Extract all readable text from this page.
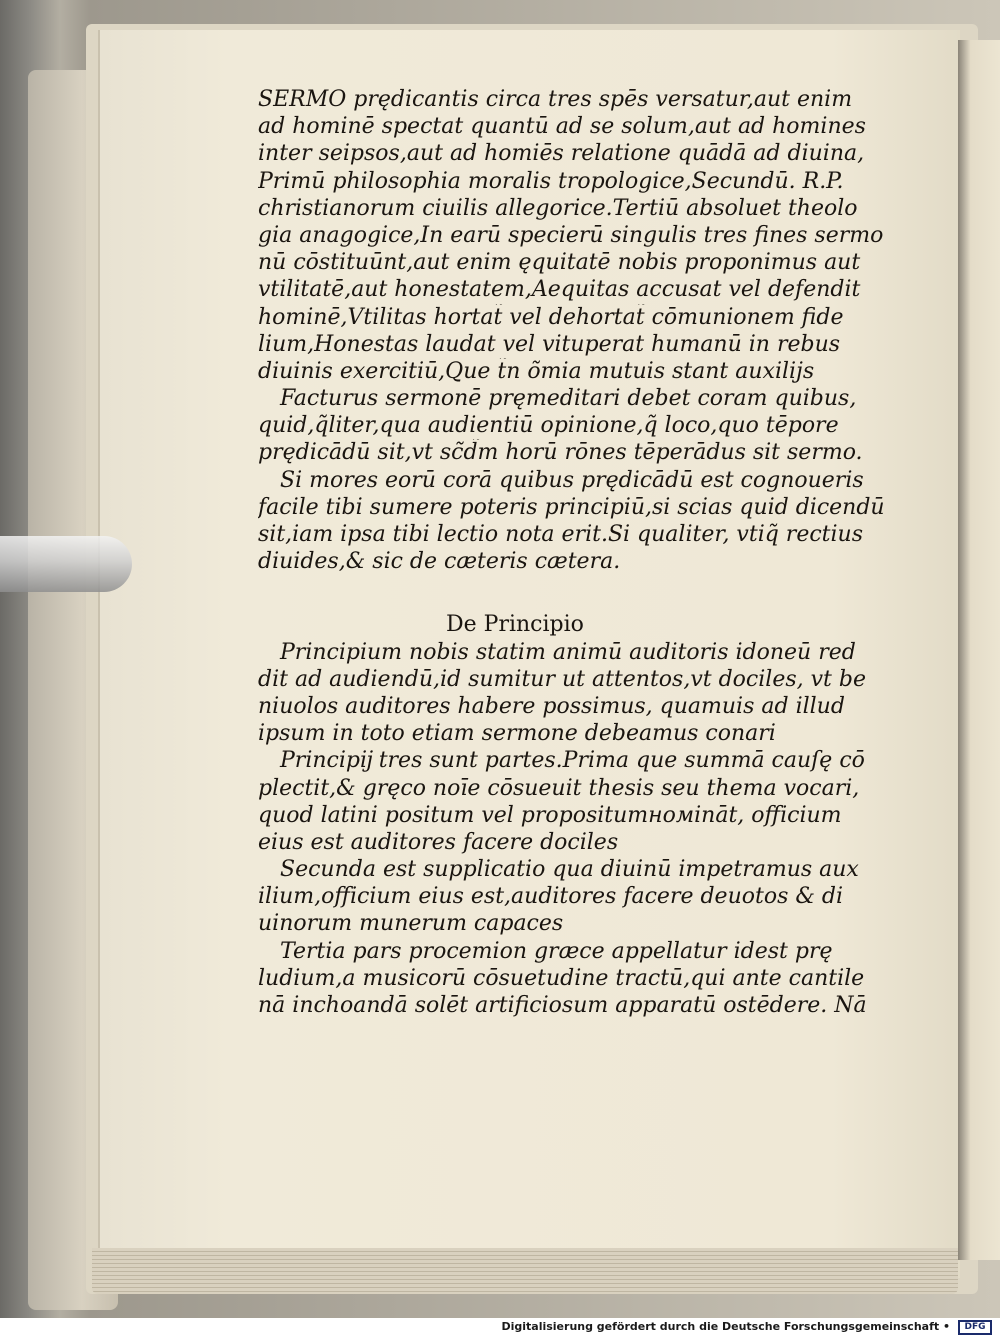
SERMO prędicantis circa tres spēs versatur,aut enim
ad hominē spectat quantū ad se solum,aut ad homines
inter seipsos,aut ad homiēs relatione quādā ad diuina,
Primū philosophia moralis tropologice,Secundū. R.P.
christianorum ciuilis allegorice.Tertiū absoluet theolo
gia anagogice,In earū specierū singulis tres fines sermo
nū cōstituūnt,aut enim ęquitatē nobis proponimus aut
vtilitatē,aut honestatem,Aequitas accusat vel defendit
hominē,Vtilitas hortat̃ vel dehortat̃ cōmunionem fide
lium,Honestas laudat vel vituperat humanū in rebus
diuinis exercitiū,Que t̃n õmia mutuis stant auxilijs
Facturus sermonē pręmeditari debet coram quibus,
quid,q̃liter,qua audientiū opinione,q̃ loco,quo tēpore
prędicādū sit,vt sc̃d̃m horū rōnes tēperādus sit sermo.
Si mores eorū corā quibus prędicādū est cognoueris
facile tibi sumere poteris principiū,si scias quid dicendū
sit,iam ipsa tibi lectio nota erit.Si qualiter, vtiq̃ rectius
diuides,& sic de cæteris cætera.
De Principio
Principium nobis statim animū auditoris idoneū red
dit ad audiendū,id sumitur ut attentos,vt dociles, vt be
niuolos auditores habere possimus, quamuis ad illud
ipsum in toto etiam sermone debeamus conari
Principĳ tres sunt partes.Prima que summā cauſę cō
plectit,& gręco noīe cōsueuit thesis seu thema vocari,
quod latini positum vel propositumномināt, officium
eius est auditores facere dociles
Secunda est supplicatio qua diuinū impetramus aux
ilium,officium eius est,auditores facere deuotos & di
uinorum munerum capaces
Tertia pars procemion græce appellatur idest prę
ludium,a musicorū cōsuetudine tractū,qui ante cantile
nā inchoandā solēt artificiosum apparatū ostēdere. Nā
Digitalisierung gefördert durch die Deutsche Forschungsgemeinschaft •	DFG
